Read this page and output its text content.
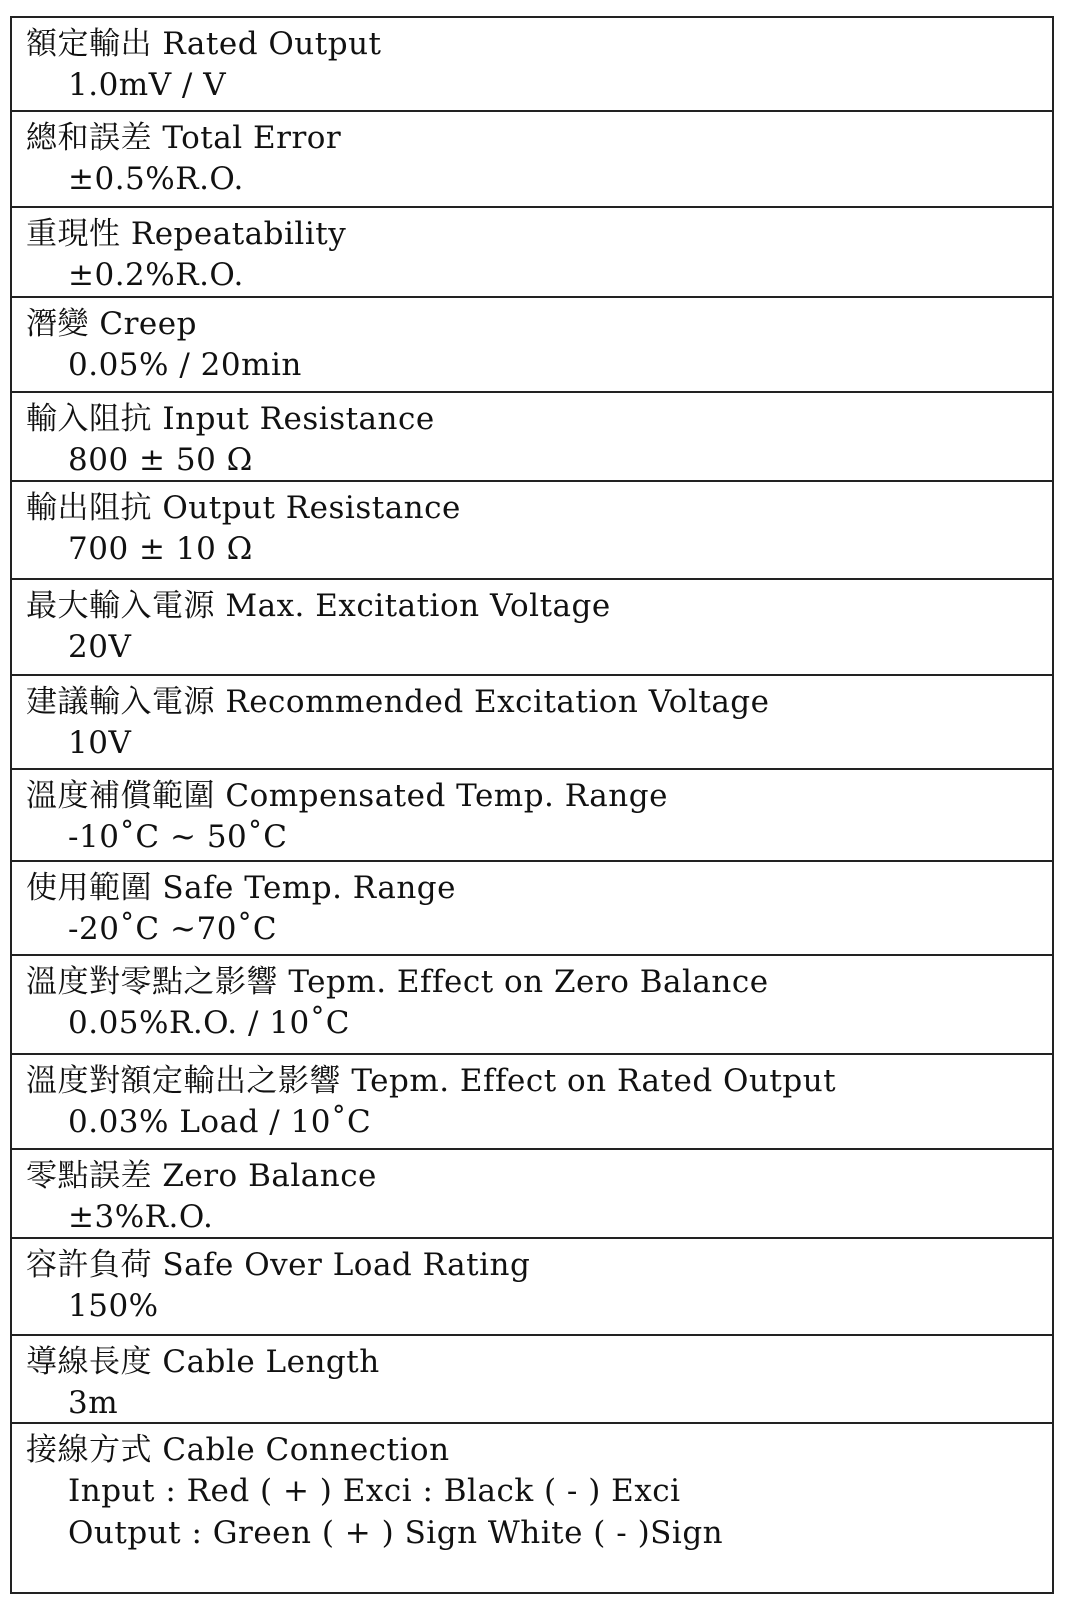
額定輸出 Rated Output
1.0mV / V
總和誤差 Total Error
±0.5%R.O.
重現性 Repeatability
±0.2%R.O.
潛變 Creep
0.05% / 20min
輸入阻抗 Input Resistance
800 ± 50 Ω
輸出阻抗 Output Resistance
700 ± 10 Ω
最大輸入電源 Max. Excitation Voltage
20V
建議輸入電源 Recommended Excitation Voltage
10V
溫度補償範圍 Compensated Temp. Range
-10˚C ~ 50˚C
使用範圍 Safe Temp. Range
-20˚C ~70˚C
溫度對零點之影響 Tepm. Effect on Zero Balance
0.05%R.O. / 10˚C
溫度對額定輸出之影響 Tepm. Effect on Rated Output
0.03% Load / 10˚C
零點誤差 Zero Balance
±3%R.O.
容許負荷 Safe Over Load Rating
150%
導線長度 Cable Length
3m
接線方式 Cable Connection
Input : Red ( + ) Exci : Black ( - ) Exci
Output : Green ( + ) Sign White ( - )Sign
